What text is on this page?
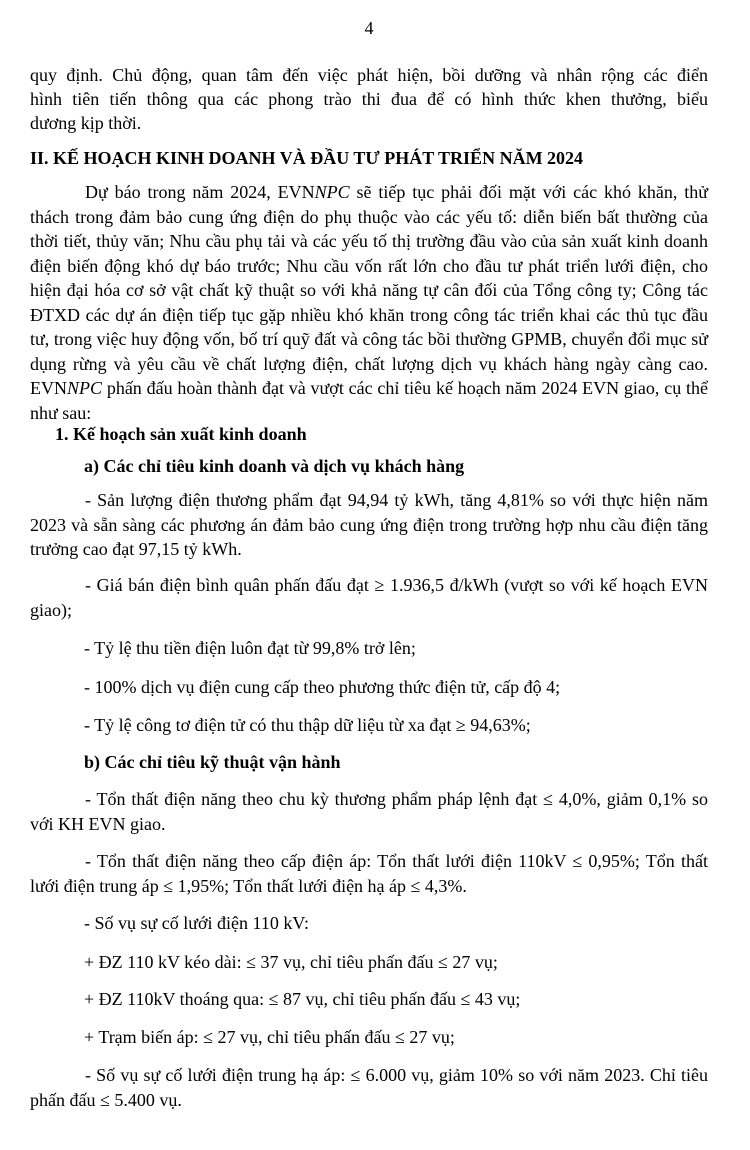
4

quy định. Chủ động, quan tâm đến việc phát hiện, bồi dưỡng và nhân rộng các điển

hình tiên tiến thông qua các phong trào thi đua để có hình thức khen thưởng, biểu

dương kịp thời.

II. KẾ HOẠCH KINH DOANH VÀ ĐẦU TƯ PHÁT TRIỂN NĂM 2024

Dự báo trong năm 2024, EVNNPC sẽ tiếp tục phải đối mặt với các khó khăn, thử thách trong đảm bảo cung ứng điện do phụ thuộc vào các yếu tố: diễn biến bất thường của thời tiết, thủy văn; Nhu cầu phụ tải và các yếu tố thị trường đầu vào của sản xuất kinh doanh điện biến động khó dự báo trước; Nhu cầu vốn rất lớn cho đầu tư phát triển lưới điện, cho hiện đại hóa cơ sở vật chất kỹ thuật so với khả năng tự cân đối của Tổng công ty; Công tác ĐTXD các dự án điện tiếp tục gặp nhiều khó khăn trong công tác triển khai các thủ tục đầu tư, trong việc huy động vốn, bố trí quỹ đất và công tác bồi thường GPMB, chuyển đổi mục sử dụng rừng và yêu cầu về chất lượng điện, chất lượng dịch vụ khách hàng ngày càng cao. EVNNPC phấn đấu hoàn thành đạt và vượt các chỉ tiêu kế hoạch năm 2024 EVN giao, cụ thể như sau:

1. Kế hoạch sản xuất kinh doanh

a) Các chỉ tiêu kinh doanh và dịch vụ khách hàng

- Sản lượng điện thương phẩm đạt 94,94 tỷ kWh, tăng 4,81% so với thực hiện năm 2023 và sẵn sàng các phương án đảm bảo cung ứng điện trong trường hợp nhu cầu điện tăng trưởng cao đạt 97,15 tỷ kWh.

- Giá bán điện bình quân phấn đấu đạt ≥ 1.936,5 đ/kWh (vượt so với kế hoạch EVN giao);

- Tỷ lệ thu tiền điện luôn đạt từ 99,8% trở lên;

- 100% dịch vụ điện cung cấp theo phương thức điện tử, cấp độ 4;

- Tỷ lệ công tơ điện tử có thu thập dữ liệu từ xa đạt ≥ 94,63%;

b) Các chỉ tiêu kỹ thuật vận hành

- Tổn thất điện năng theo chu kỳ thương phẩm pháp lệnh đạt ≤ 4,0%, giảm 0,1% so với KH EVN giao.

- Tổn thất điện năng theo cấp điện áp: Tổn thất lưới điện 110kV ≤ 0,95%; Tổn thất lưới điện trung áp ≤ 1,95%; Tổn thất lưới điện hạ áp ≤ 4,3%.

- Số vụ sự cố lưới điện 110 kV:

+ ĐZ 110 kV kéo dài: ≤ 37 vụ, chỉ tiêu phấn đấu ≤ 27 vụ;

+ ĐZ 110kV thoáng qua: ≤ 87 vụ, chỉ tiêu phấn đấu ≤ 43 vụ;

+ Trạm biến áp: ≤ 27 vụ, chỉ tiêu phấn đấu ≤ 27 vụ;

- Số vụ sự cố lưới điện trung hạ áp: ≤ 6.000 vụ, giảm 10% so với năm 2023. Chỉ tiêu phấn đấu ≤ 5.400 vụ.
